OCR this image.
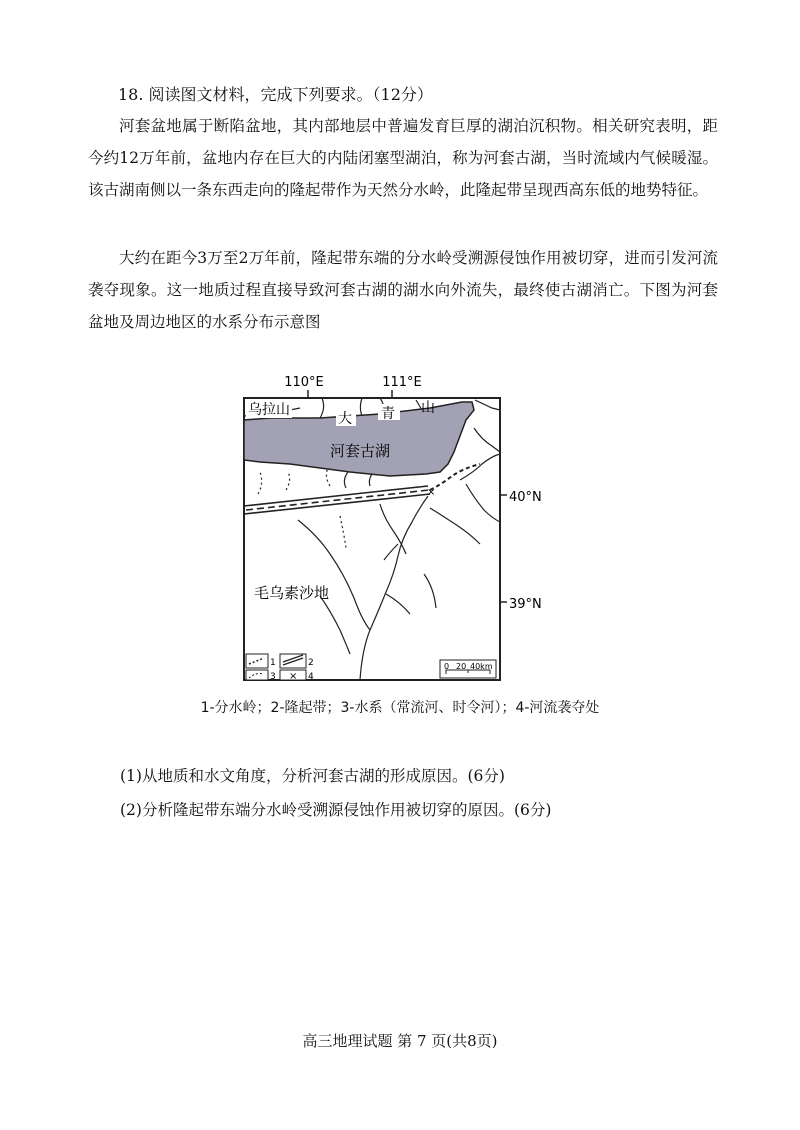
18. 阅读图文材料，完成下列要求。（12分）
河套盆地属于断陷盆地，其内部地层中普遍发育巨厚的湖泊沉积物。相关研究表明，距今约12万年前，盆地内存在巨大的内陆闭塞型湖泊，称为河套古湖，当时流域内气候暖湿。该古湖南侧以一条东西走向的隆起带作为天然分水岭，此隆起带呈现西高东低的地势特征。
大约在距今3万至2万年前，隆起带东端的分水岭受溯源侵蚀作用被切穿，进而引发河流袭夺现象。这一地质过程直接导致河套古湖的湖水向外流失，最终使古湖消亡。下图为河套盆地及周边地区的水系分布示意图
110°E	111°E
40°N
39°N
×
乌拉山
大 青 山
河套古湖
毛乌素沙地
1	2
3 × 4
0 20 40km
1-分水岭；2-隆起带；3-水系（常流河、时令河）；4-河流袭夺处
(1)从地质和水文角度，分析河套古湖的形成原因。(6分)
(2)分析隆起带东端分水岭受溯源侵蚀作用被切穿的原因。(6分)
高三地理试题 第 7 页(共8页)
